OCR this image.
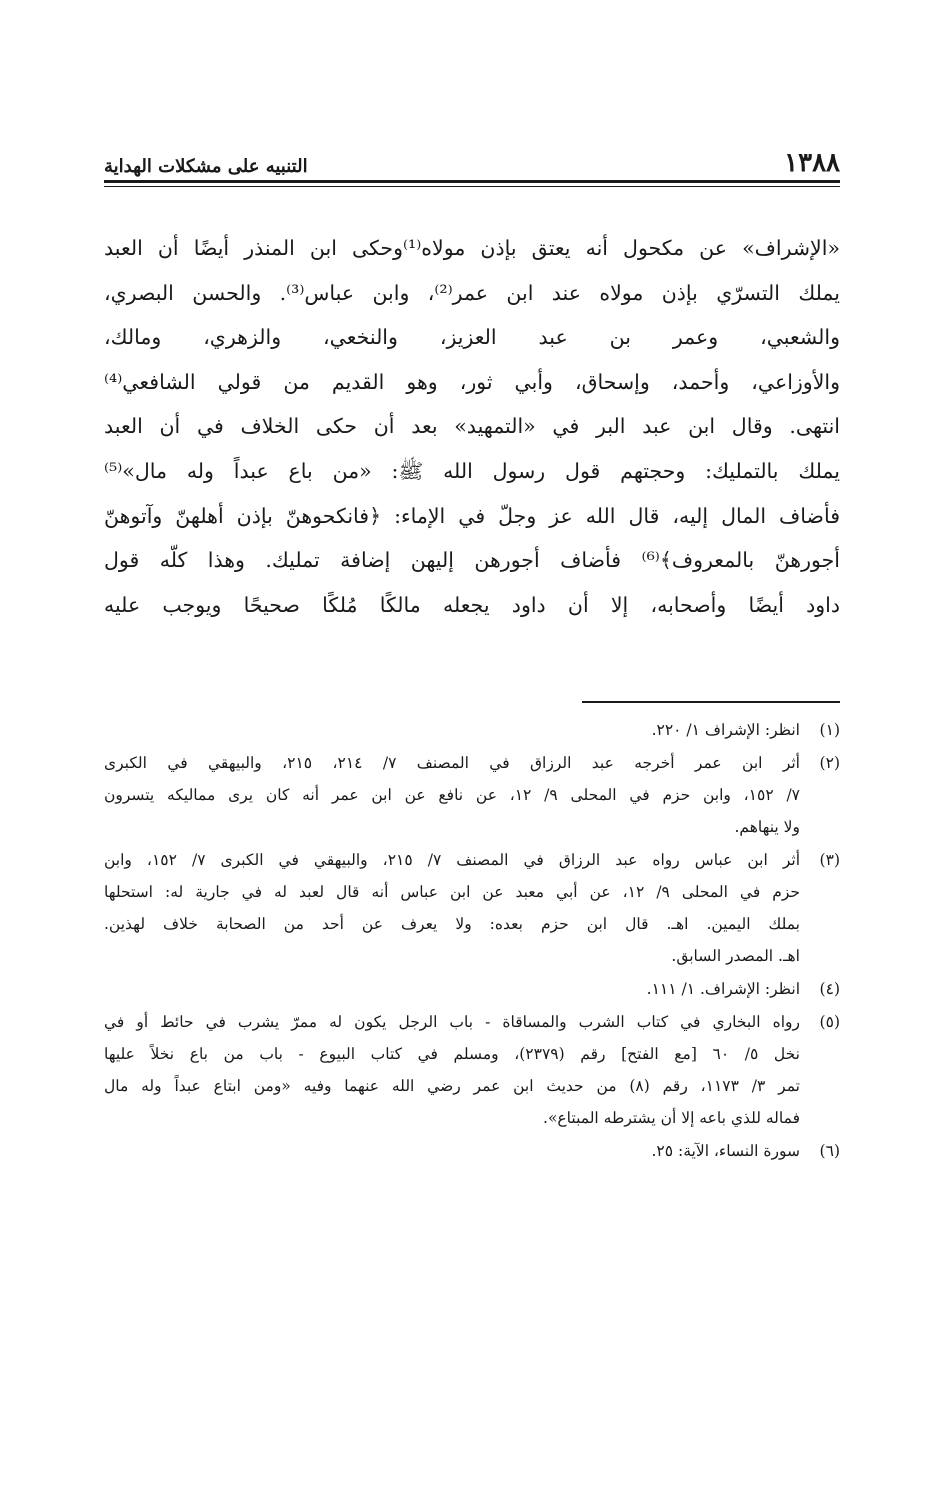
١٣٨٨
التنبيه على مشكلات الهداية
«الإشراف» عن مكحول أنه يعتق بإذن مولاه⁽¹⁾وحكى ابن المنذر أيضًا أن العبد
يملك التسرّي بإذن مولاه عند ابن عمر⁽²⁾، وابن عباس⁽³⁾. والحسن البصري،
والشعبي، وعمر بن عبد العزيز، والنخعي، والزهري، ومالك،
والأوزاعي، وأحمد، وإسحاق، وأبي ثور، وهو القديم من قولي الشافعي⁽⁴⁾
انتهى. وقال ابن عبد البر في «التمهيد» بعد أن حكى الخلاف في أن العبد
يملك بالتمليك: وحجتهم قول رسول الله ﷺ: «من باع عبداً وله مال»⁽⁵⁾
فأضاف المال إليه، قال الله عز وجلّ في الإماء: ﴿فانكحوهنّ بإذن أهلهنّ وآتوهنّ
أجورهنّ بالمعروف﴾⁽⁶⁾ فأضاف أجورهن إليهن إضافة تمليك. وهذا كلّه قول
داود أيضًا وأصحابه، إلا أن داود يجعله مالكًا مُلكًا صحيحًا ويوجب عليه
(١)
انظر: الإشراف ١/ ٢٢٠.
(٢)
أثر ابن عمر أخرجه عبد الرزاق في المصنف ٧/ ٢١٤، ٢١٥، والبيهقي في الكبرى
٧/ ١٥٢، وابن حزم في المحلى ٩/ ١٢، عن نافع عن ابن عمر أنه كان يرى مماليكه يتسرون
ولا ينهاهم.
(٣)
أثر ابن عباس رواه عبد الرزاق في المصنف ٧/ ٢١٥، والبيهقي في الكبرى ٧/ ١٥٢، وابن
حزم في المحلى ٩/ ١٢، عن أبي معبد عن ابن عباس أنه قال لعبد له في جارية له: استحلها
بملك اليمين. اهـ. قال ابن حزم بعده: ولا يعرف عن أحد من الصحابة خلاف لهذين.
اهـ. المصدر السابق.
(٤)
انظر: الإشراف. ١/ ١١١.
(٥)
رواه البخاري في كتاب الشرب والمساقاة - باب الرجل يكون له ممرّ يشرب في حائط أو في
نخل ٥/ ٦٠ [مع الفتح] رقم (٢٣٧٩)، ومسلم في كتاب البيوع - باب من باع نخلاً عليها
تمر ٣/ ١١٧٣، رقم (٨) من حديث ابن عمر رضي الله عنهما وفيه «ومن ابتاع عبداً وله مال
فماله للذي باعه إلا أن يشترطه المبتاع».
(٦)
سورة النساء، الآية: ٢٥.
